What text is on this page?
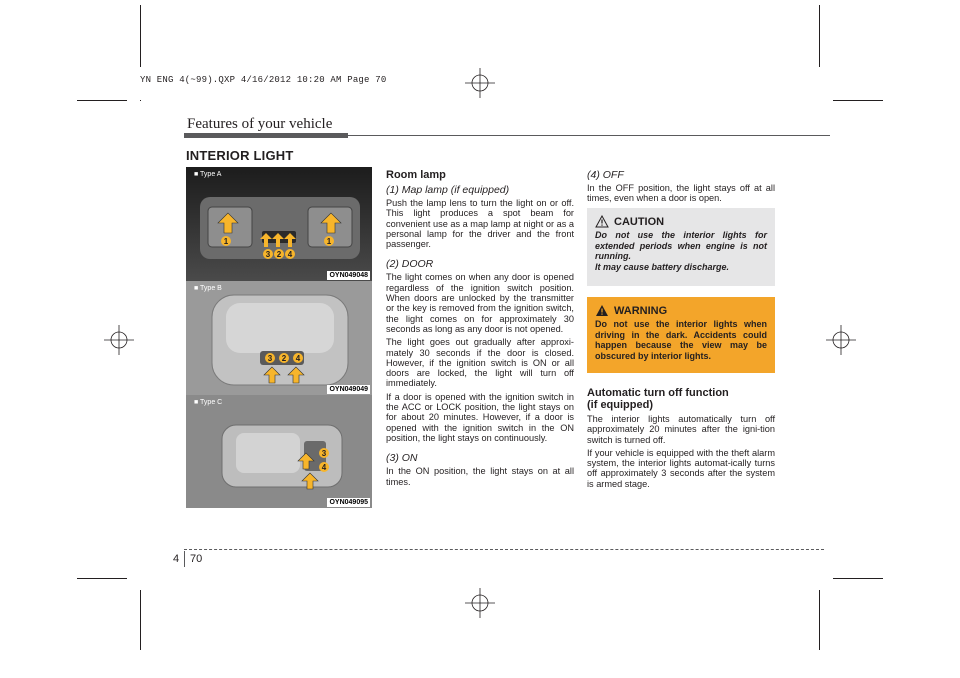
YN ENG 4(~99).QXP 4/16/2012 10:20 AM Page 70
Features of your vehicle
INTERIOR LIGHT
1
3 2 4
1
■ Type A
OYN049048
3 2 4
■ Type B
OYN049049
3
4
■ Type C
OYN049095
Room lamp
(1) Map lamp (if equipped)

Push the lamp lens to turn the light on or off. This light produces a spot beam for convenient use as a map lamp at night or as a personal lamp for the driver and the front passenger.

(2) DOOR

The light comes on when any door is opened regardless of the ignition switch position. When doors are unlocked by the transmitter or the key is removed from the ignition switch, the light comes on for approximately 30 seconds as long as any door is not opened.

The light goes out gradually after approxi-mately 30 seconds if the door is closed. However, if the ignition switch is ON or all doors are locked, the light will turn off immediately.

If a door is opened with the ignition switch in the ACC or LOCK position, the light stays on for about 20 minutes. However, if a door is opened with the ignition switch in the ON position, the light stays on continuously.

(3) ON

In the ON position, the light stays on at all times.

(4) OFF

In the OFF position, the light stays off at all times, even when a door is open.

CAUTION
Do not use the interior lights for extended periods when engine is not running.
It may cause battery discharge.
WARNING
Do not use the interior lights when driving in the dark. Accidents could happen because the view may be obscured by interior lights.
Automatic turn off function
(if equipped)

The interior lights automatically turn off approximately 20 minutes after the igni-tion switch is turned off.

If your vehicle is equipped with the theft alarm system, the interior lights automat-ically turns off approximately 3 seconds after the system is armed stage.

4 70
